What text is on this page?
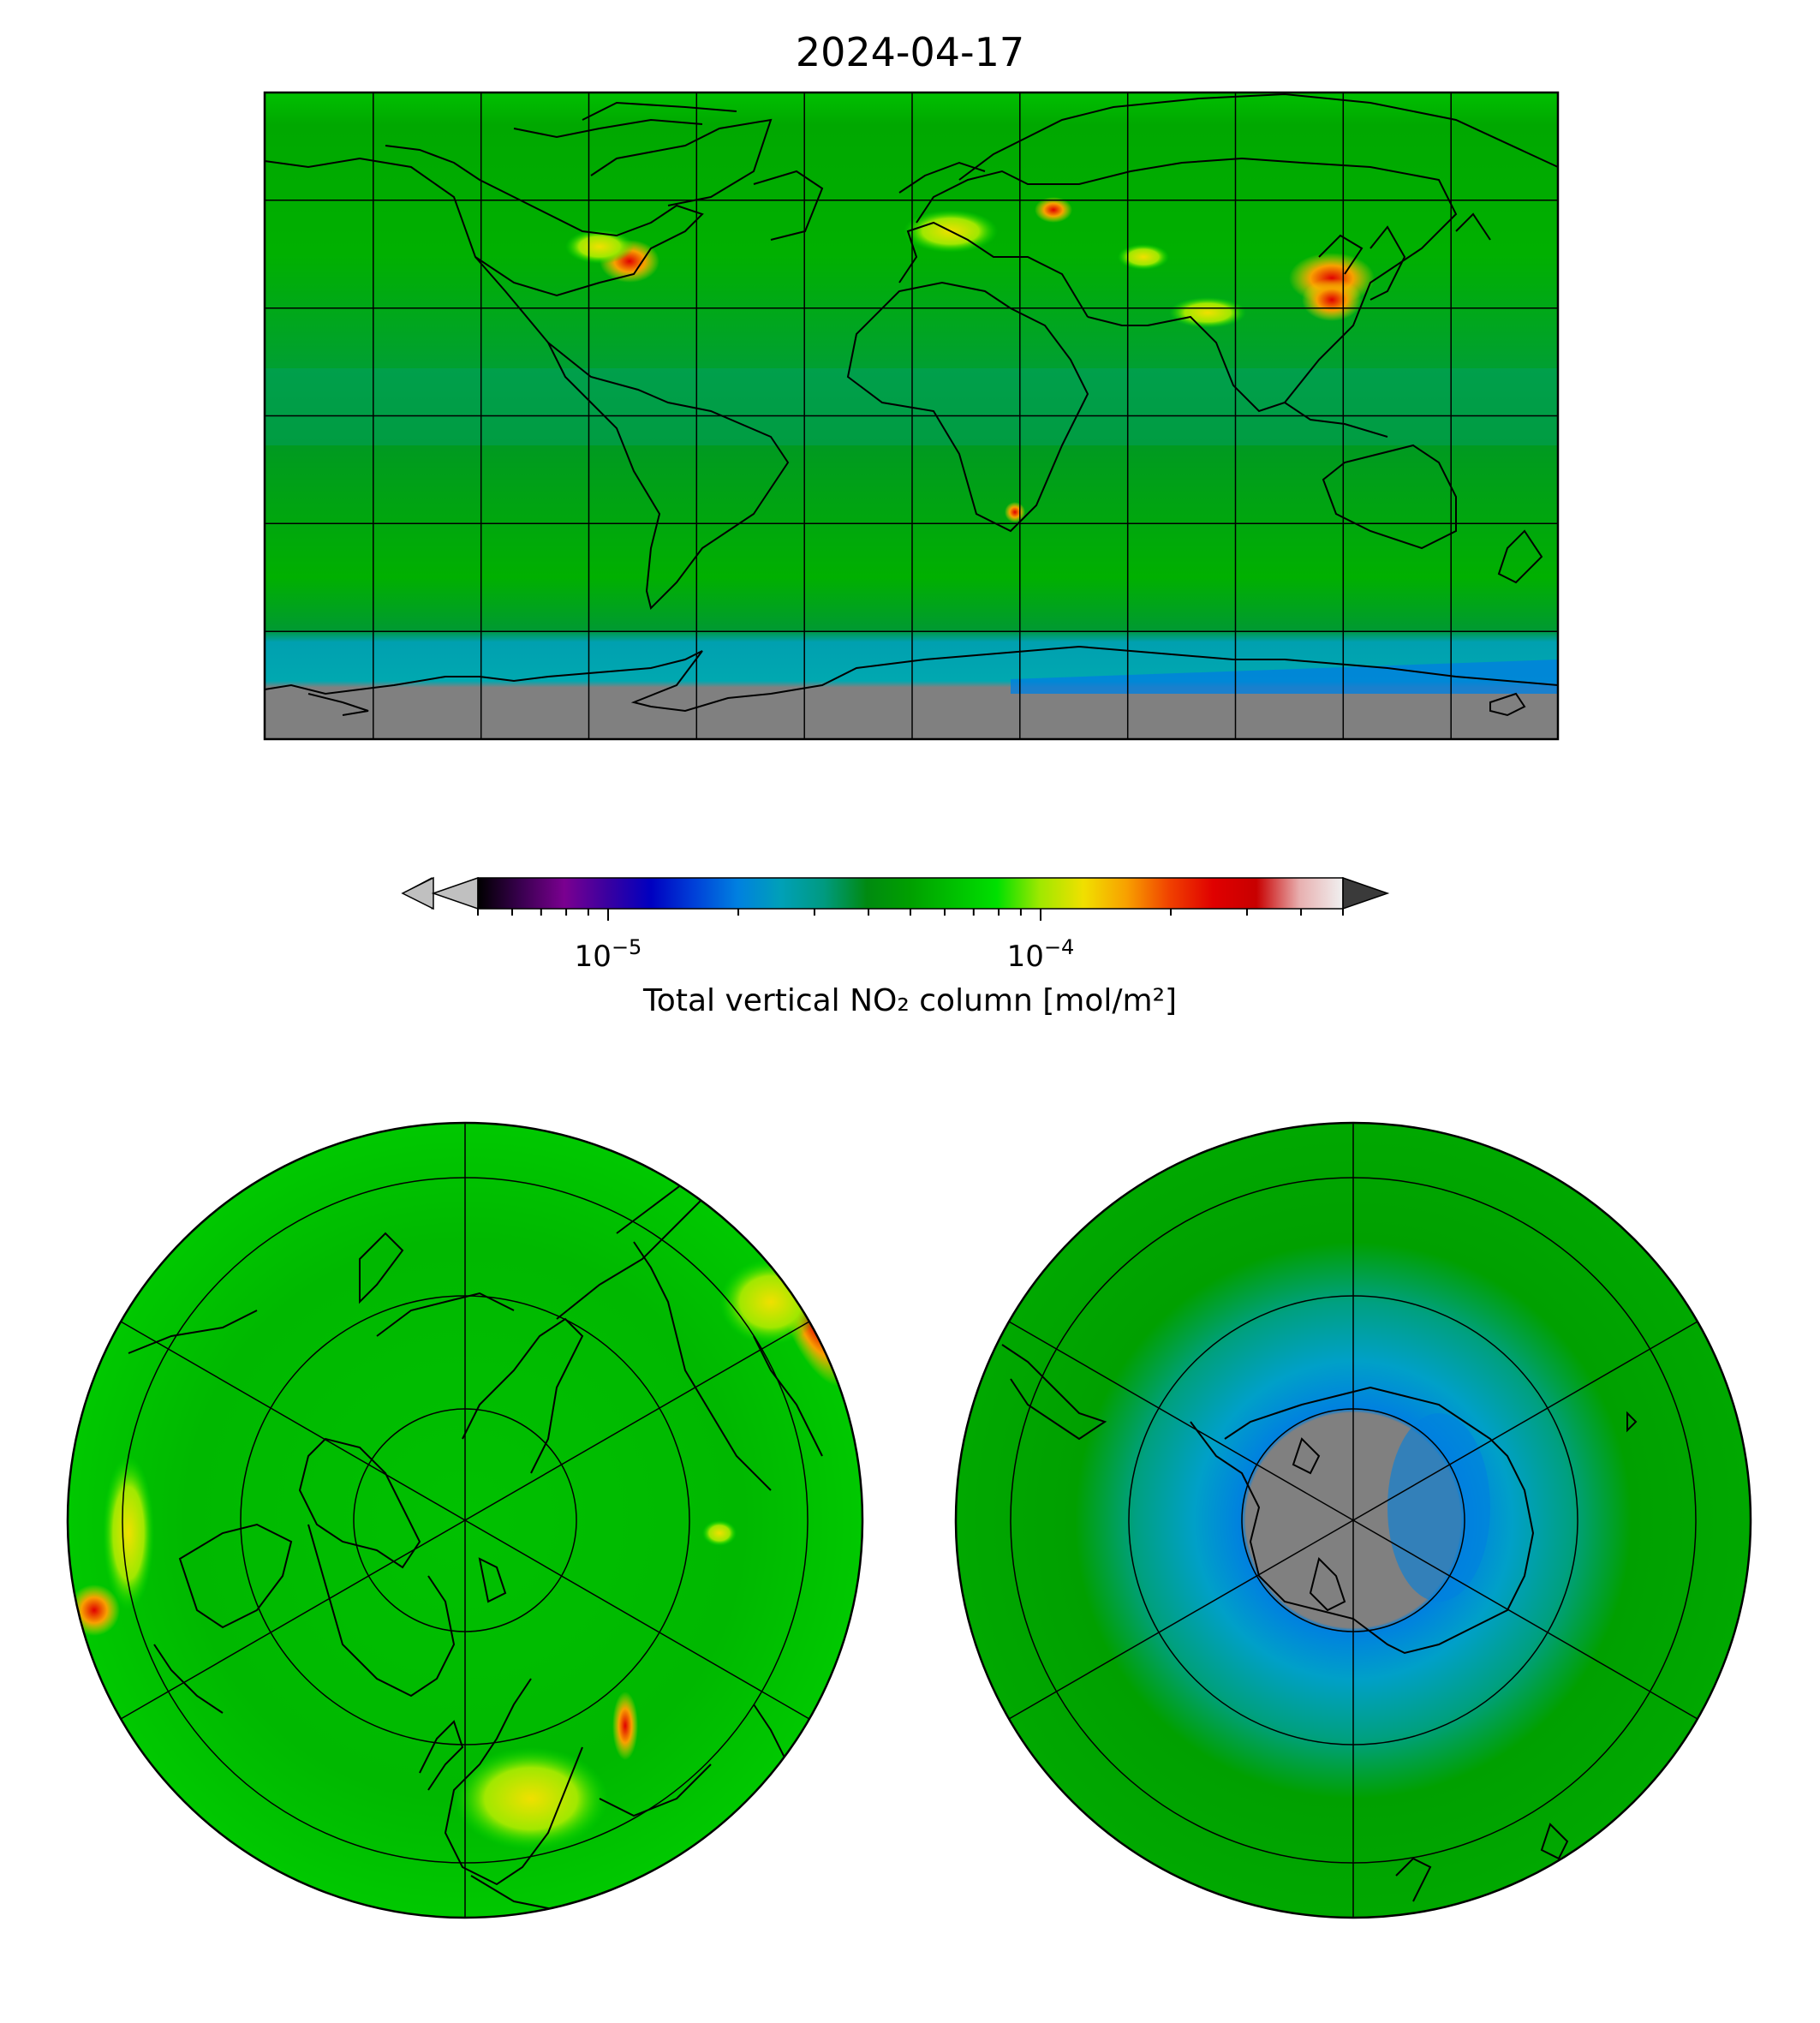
2024-04-17
$10^{-5}$	$10^{-4}$
Total vertical NO₂ column [mol/m²]
